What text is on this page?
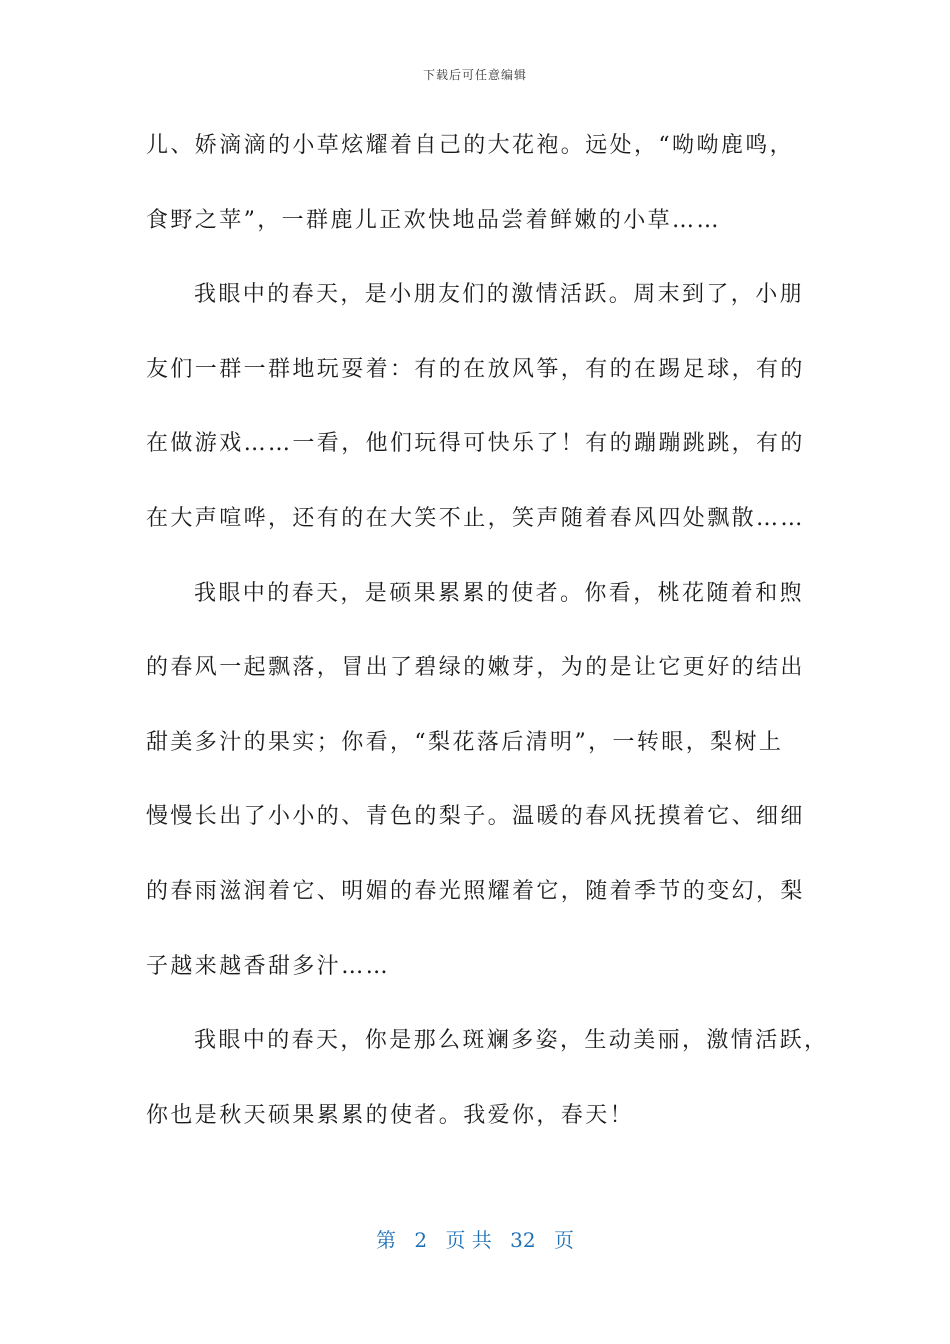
下载后可任意编辑
儿、娇滴滴的小草炫耀着自己的大花袍。远处，“呦呦鹿鸣，
食野之苹”，一群鹿儿正欢快地品尝着鲜嫩的小草……
我眼中的春天，是小朋友们的激情活跃。周末到了，小朋
友们一群一群地玩耍着：有的在放风筝，有的在踢足球，有的
在做游戏……一看，他们玩得可快乐了！有的蹦蹦跳跳，有的
在大声喧哗，还有的在大笑不止，笑声随着春风四处飘散……
我眼中的春天，是硕果累累的使者。你看，桃花随着和煦
的春风一起飘落，冒出了碧绿的嫩芽，为的是让它更好的结出
甜美多汁的果实；你看，“梨花落后清明”，一转眼，梨树上
慢慢长出了小小的、青色的梨子。温暖的春风抚摸着它、细细
的春雨滋润着它、明媚的春光照耀着它，随着季节的变幻，梨
子越来越香甜多汁……
我眼中的春天，你是那么斑斓多姿，生动美丽，激情活跃，
你也是秋天硕果累累的使者。我爱你，春天！
第 2 页 共 32 页
